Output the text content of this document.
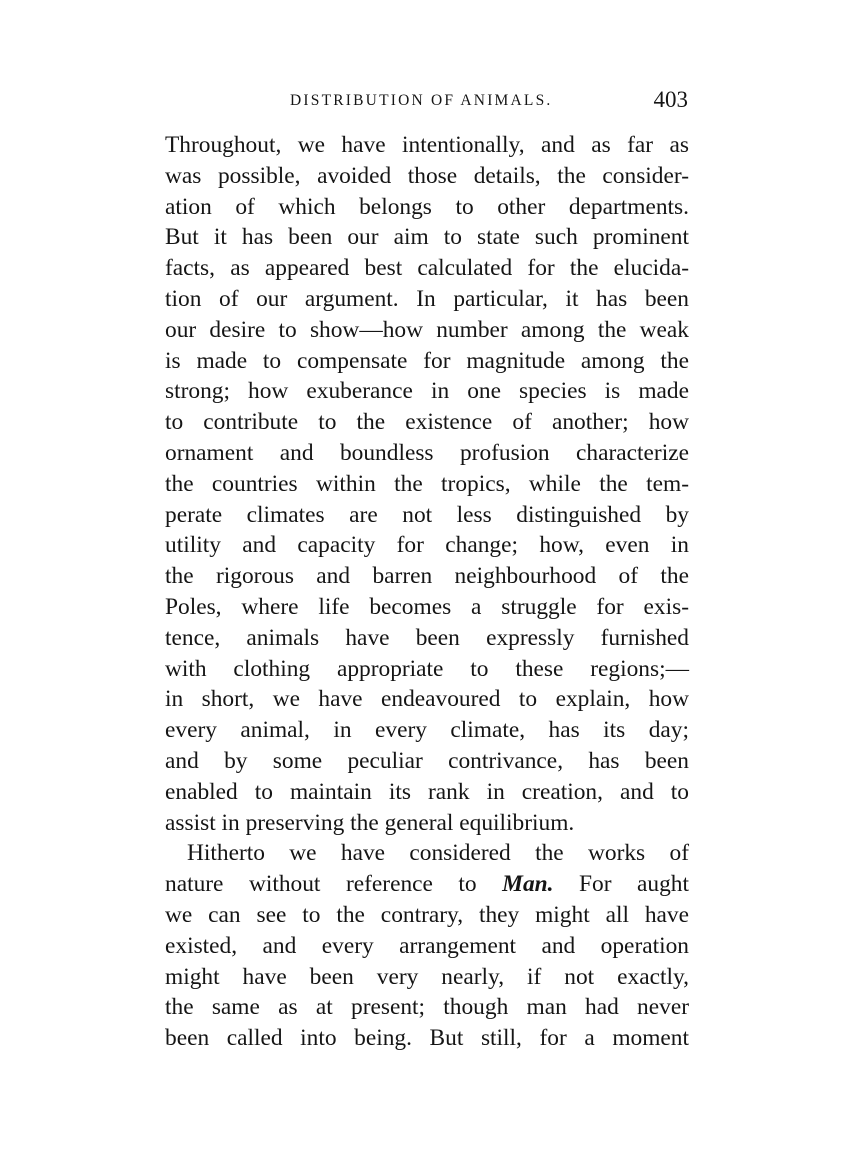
DISTRIBUTION OF ANIMALS.	403
Throughout, we have intentionally, and as far as
was possible, avoided those details, the consider-
ation of which belongs to other departments.
But it has been our aim to state such prominent
facts, as appeared best calculated for the elucida-
tion of our argument. In particular, it has been
our desire to show—how number among the weak
is made to compensate for magnitude among the
strong; how exuberance in one species is made
to contribute to the existence of another; how
ornament and boundless profusion characterize
the countries within the tropics, while the tem-
perate climates are not less distinguished by
utility and capacity for change; how, even in
the rigorous and barren neighbourhood of the
Poles, where life becomes a struggle for exis-
tence, animals have been expressly furnished
with clothing appropriate to these regions;—
in short, we have endeavoured to explain, how
every animal, in every climate, has its day;
and by some peculiar contrivance, has been
enabled to maintain its rank in creation, and to
assist in preserving the general equilibrium.
Hitherto we have considered the works of
nature without reference to Man. For aught
we can see to the contrary, they might all have
existed, and every arrangement and operation
might have been very nearly, if not exactly,
the same as at present; though man had never
been called into being. But still, for a moment
